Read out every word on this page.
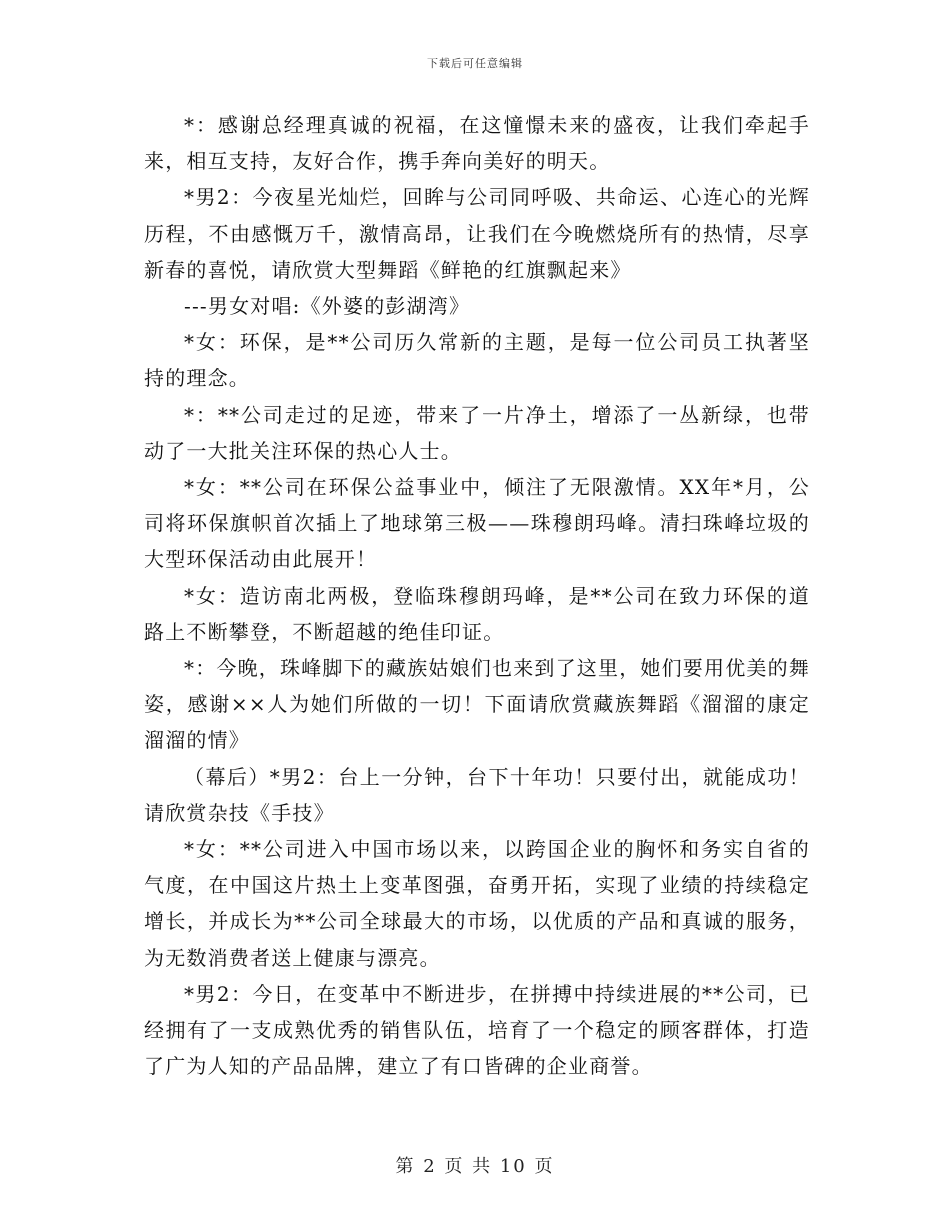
下载后可任意编辑

*：感谢总经理真诚的祝福，在这憧憬未来的盛夜，让我们牵起手来，相互支持，友好合作，携手奔向美好的明天。

*男2：今夜星光灿烂，回眸与公司同呼吸、共命运、心连心的光辉历程，不由感慨万千，激情高昂，让我们在今晚燃烧所有的热情，尽享新春的喜悦，请欣赏大型舞蹈《鲜艳的红旗飘起来》

---男女对唱:《外婆的彭湖湾》

*女：环保，是**公司历久常新的主题，是每一位公司员工执著坚持的理念。

*：**公司走过的足迹，带来了一片净土，增添了一丛新绿，也带动了一大批关注环保的热心人士。

*女：**公司在环保公益事业中，倾注了无限激情。XX年*月，公司将环保旗帜首次插上了地球第三极——珠穆朗玛峰。清扫珠峰垃圾的大型环保活动由此展开！

*女：造访南北两极，登临珠穆朗玛峰，是**公司在致力环保的道路上不断攀登，不断超越的绝佳印证。

*：今晚，珠峰脚下的藏族姑娘们也来到了这里，她们要用优美的舞姿，感谢××人为她们所做的一切！下面请欣赏藏族舞蹈《溜溜的康定溜溜的情》

（幕后）*男2：台上一分钟，台下十年功！只要付出，就能成功！请欣赏杂技《手技》

*女：**公司进入中国市场以来，以跨国企业的胸怀和务实自省的气度，在中国这片热土上变革图强，奋勇开拓，实现了业绩的持续稳定增长，并成长为**公司全球最大的市场，以优质的产品和真诚的服务，为无数消费者送上健康与漂亮。

*男2：今日，在变革中不断进步，在拼搏中持续进展的**公司，已经拥有了一支成熟优秀的销售队伍，培育了一个稳定的顾客群体，打造了广为人知的产品品牌，建立了有口皆碑的企业商誉。

第 2 页 共 10 页
